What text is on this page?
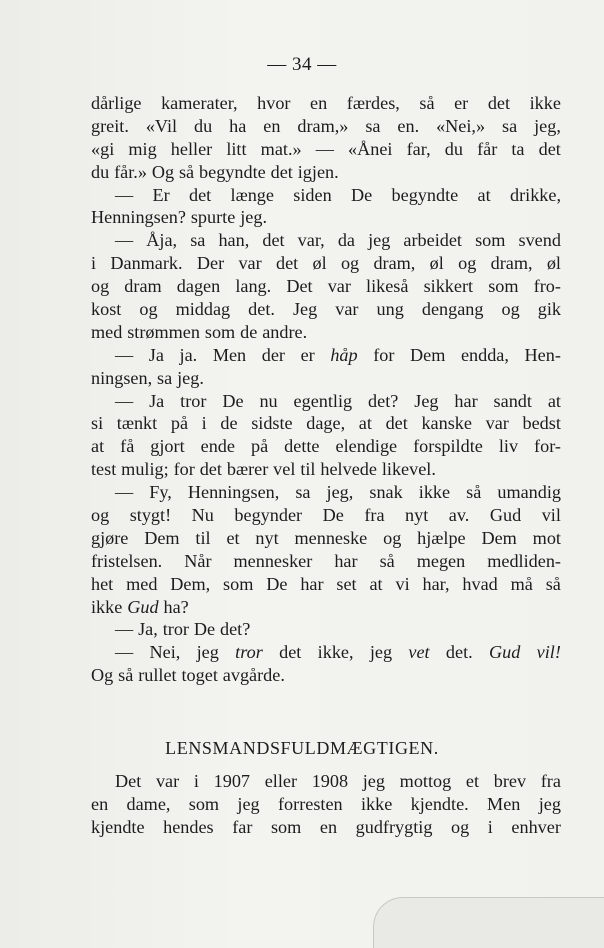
— 34 —
dårlige kamerater, hvor en færdes, så er det ikke
greit. «Vil du ha en dram,» sa en. «Nei,» sa jeg,
«gi mig heller litt mat.» — «Ånei far, du får ta det
du får.» Og så begyndte det igjen.
— Er det længe siden De begyndte at drikke,
Henningsen? spurte jeg.
— Åja, sa han, det var, da jeg arbeidet som svend
i Danmark. Der var det øl og dram, øl og dram, øl
og dram dagen lang. Det var likeså sikkert som fro-
kost og middag det. Jeg var ung dengang og gik
med strømmen som de andre.
— Ja ja. Men der er håp for Dem endda, Hen-
ningsen, sa jeg.
— Ja tror De nu egentlig det? Jeg har sandt at
si tænkt på i de sidste dage, at det kanske var bedst
at få gjort ende på dette elendige forspildte liv for-
test mulig; for det bærer vel til helvede likevel.
— Fy, Henningsen, sa jeg, snak ikke så umandig
og stygt! Nu begynder De fra nyt av. Gud vil
gjøre Dem til et nyt menneske og hjælpe Dem mot
fristelsen. Når mennesker har så megen medliden-
het med Dem, som De har set at vi har, hvad må så
ikke Gud ha?
— Ja, tror De det?
— Nei, jeg tror det ikke, jeg vet det. Gud vil!
Og så rullet toget avgårde.
LENSMANDSFULDMÆGTIGEN.
Det var i 1907 eller 1908 jeg mottog et brev fra
en dame, som jeg forresten ikke kjendte. Men jeg
kjendte hendes far som en gudfrygtig og i enhver
